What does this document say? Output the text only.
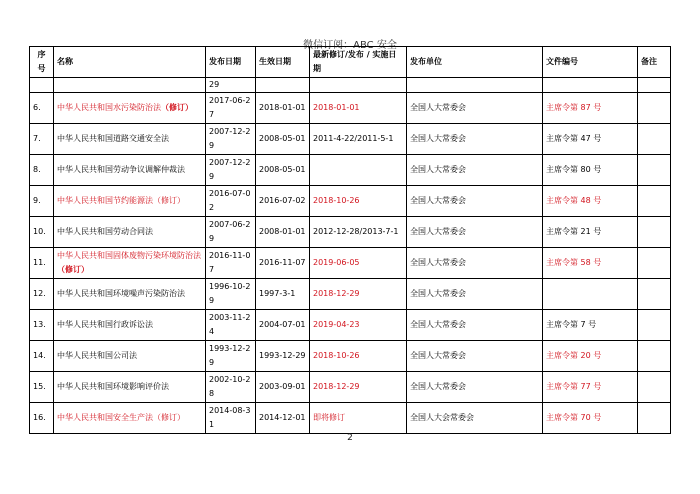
微信订阅：ABC 安全
序
号	名称	发布日期	生效日期	最新修订/发布 / 实施日期	发布单位	文件编号	备注
		29					
6.	中华人民共和国水污染防治法（修订）	2017-06-27	2018-01-01	2018-01-01	全国人大常委会	主席令第 87 号	
7.	中华人民共和国道路交通安全法	2007-12-29	2008-05-01	2011-4-22/2011-5-1	全国人大常委会	主席令第 47 号	
8.	中华人民共和国劳动争议调解仲裁法	2007-12-29	2008-05-01		全国人大常委会	主席令第 80 号	
9.	中华人民共和国节约能源法（修订）	2016-07-02	2016-07-02	2018-10-26	全国人大常委会	主席令第 48 号	
10.	中华人民共和国劳动合同法	2007-06-29	2008-01-01	2012-12-28/2013-7-1	全国人大常委会	主席令第 21 号	
11.	中华人民共和国固体废物污染环境防治法（修订）	2016-11-07	2016-11-07	2019-06-05	全国人大常委会	主席令第 58 号	
12.	中华人民共和国环境噪声污染防治法	1996-10-29	1997-3-1	2018-12-29	全国人大常委会		
13.	中华人民共和国行政诉讼法	2003-11-24	2004-07-01	2019-04-23	全国人大常委会	主席令第 7 号	
14.	中华人民共和国公司法	1993-12-29	1993-12-29	2018-10-26	全国人大常委会	主席令第 20 号	
15.	中华人民共和国环境影响评价法	2002-10-28	2003-09-01	2018-12-29	全国人大常委会	主席令第 77 号	
16.	中华人民共和国安全生产法（修订）	2014-08-31	2014-12-01	即将修订	全国人大会常委会	主席令第 70 号	
2
